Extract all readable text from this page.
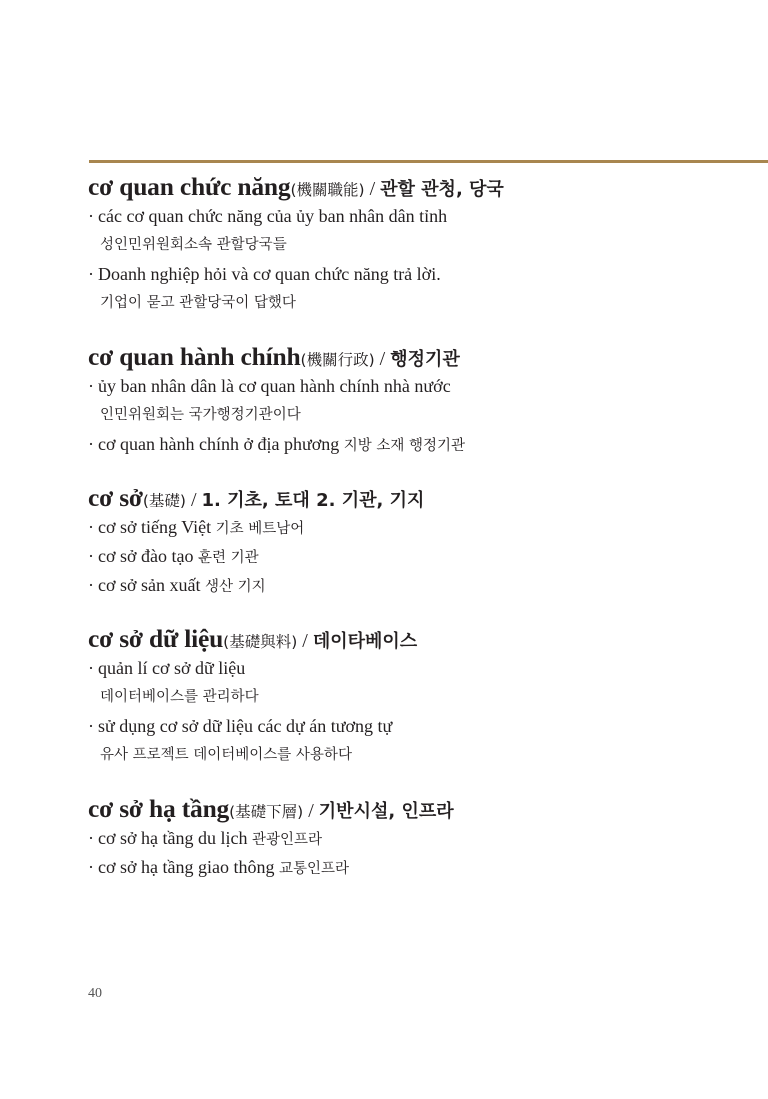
cơ quan chức năng(機關職能) / 관할 관청, 당국
· các cơ quan chức năng của ủy ban nhân dân tỉnh
성인민위원회소속 관할당국들
· Doanh nghiệp hỏi và cơ quan chức năng trả lời.
기업이 묻고 관할당국이 답했다
cơ quan hành chính(機關行政) / 행정기관
· ủy ban nhân dân là cơ quan hành chính nhà nước
인민위원회는 국가행정기관이다
· cơ quan hành chính ở địa phương 지방 소재 행정기관
cơ sở(基礎) / 1. 기초, 토대 2. 기관, 기지
· cơ sở tiếng Việt 기초 베트남어
· cơ sở đào tạo 훈련 기관
· cơ sở sản xuất 생산 기지
cơ sở dữ liệu(基礎與料) / 데이타베이스
· quản lí cơ sở dữ liệu
데이터베이스를 관리하다
· sử dụng cơ sở dữ liệu các dự án tương tự
유사 프로젝트 데이터베이스를 사용하다
cơ sở hạ tầng(基礎下層) / 기반시설, 인프라
· cơ sở hạ tầng du lịch 관광인프라
· cơ sở hạ tầng giao thông 교통인프라
40
